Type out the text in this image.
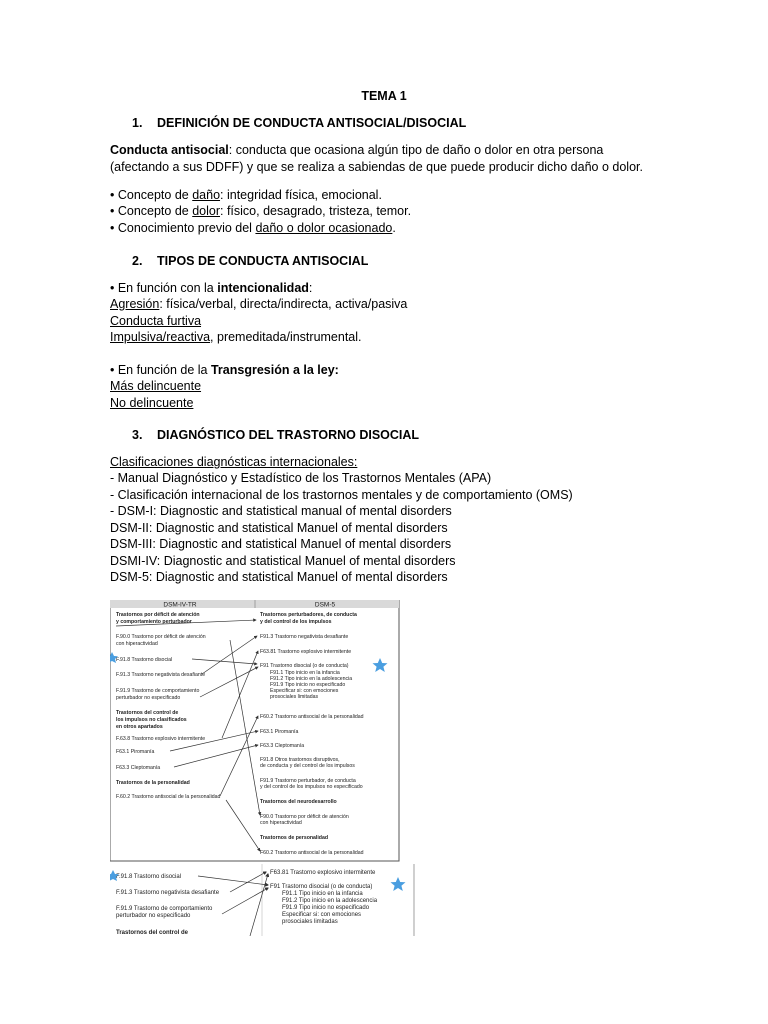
TEMA 1
1. DEFINICIÓN DE CONDUCTA ANTISOCIAL/DISOCIAL
Conducta antisocial: conducta que ocasiona algún tipo de daño o dolor en otra persona
(afectando a sus DDFF) y que se realiza a sabiendas de que puede producir dicho daño o dolor.
• Concepto de daño: integridad física, emocional.
• Concepto de dolor: físico, desagrado, tristeza, temor.
• Conocimiento previo del daño o dolor ocasionado.
2. TIPOS DE CONDUCTA ANTISOCIAL
• En función con la intencionalidad:
Agresión: física/verbal, directa/indirecta, activa/pasiva
Conducta furtiva
Impulsiva/reactiva, premeditada/instrumental.
• En función de la Transgresión a la ley:
Más delincuente
No delincuente
3. DIAGNÓSTICO DEL TRASTORNO DISOCIAL
Clasificaciones diagnósticas internacionales:
- Manual Diagnóstico y Estadístico de los Trastornos Mentales (APA)
- Clasificación internacional de los trastornos mentales y de comportamiento (OMS)
- DSM-I: Diagnostic and statistical manual of mental disorders
DSM-II: Diagnostic and statistical Manuel of mental disorders
DSM-III: Diagnostic and statistical Manuel of mental disorders
DSMI-IV: Diagnostic and statistical Manuel of mental disorders
DSM-5: Diagnostic and statistical Manuel of mental disorders
DSM-IV-TR	DSM-5
Trastornos por déficit de atención
y comportamiento perturbador
F.90.0 Trastorno por déficit de atención
con hiperactividad
F.91.8 Trastorno disocial
F.91.3 Trastorno negativista desafiante
F.91.9 Trastorno de comportamiento
perturbador no especificado
Trastornos del control de
los impulsos no clasificados
en otros apartados
F.63.8 Trastorno explosivo intermitente
F63.1 Piromanía
F63.3 Cleptomanía
Trastornos de la personalidad
F.60.2 Trastorno antisocial de la personalidad
Trastornos perturbadores, de conducta
y del control de los impulsos
F91.3 Trastorno negativista desafiante
F63.81 Trastorno explosivo intermitente
F91 Trastorno disocial (o de conducta)
F91.1 Tipo inicio en la infancia
F91.2 Tipo inicio en la adolescencia
F91.9 Tipo inicio no especificado
Especificar si: con emociones
prosociales limitadas
F60.2 Trastorno antisocial de la personalidad
F63.1 Piromanía
F63.3 Cleptomanía
F91.8 Otros trastornos disruptivos,
de conducta y del control de los impulsos
F91.9 Trastorno perturbador, de conducta
y del control de los impulsos no especificado
Trastornos del neurodesarrollo
F90.0 Trastorno por déficit de atención
con hiperactividad
Trastornos de personalidad
F60.2 Trastorno antisocial de la personalidad
F.91.8 Trastorno disocial
F.91.3 Trastorno negativista desafiante
F.91.9 Trastorno de comportamiento
perturbador no especificado
Trastornos del control de
F63.81 Trastorno explosivo intermitente
F91 Trastorno disocial (o de conducta)
F91.1 Tipo inicio en la infancia
F91.2 Tipo inicio en la adolescencia
F91.9 Tipo inicio no especificado
Especificar si: con emociones
prosociales limitadas
